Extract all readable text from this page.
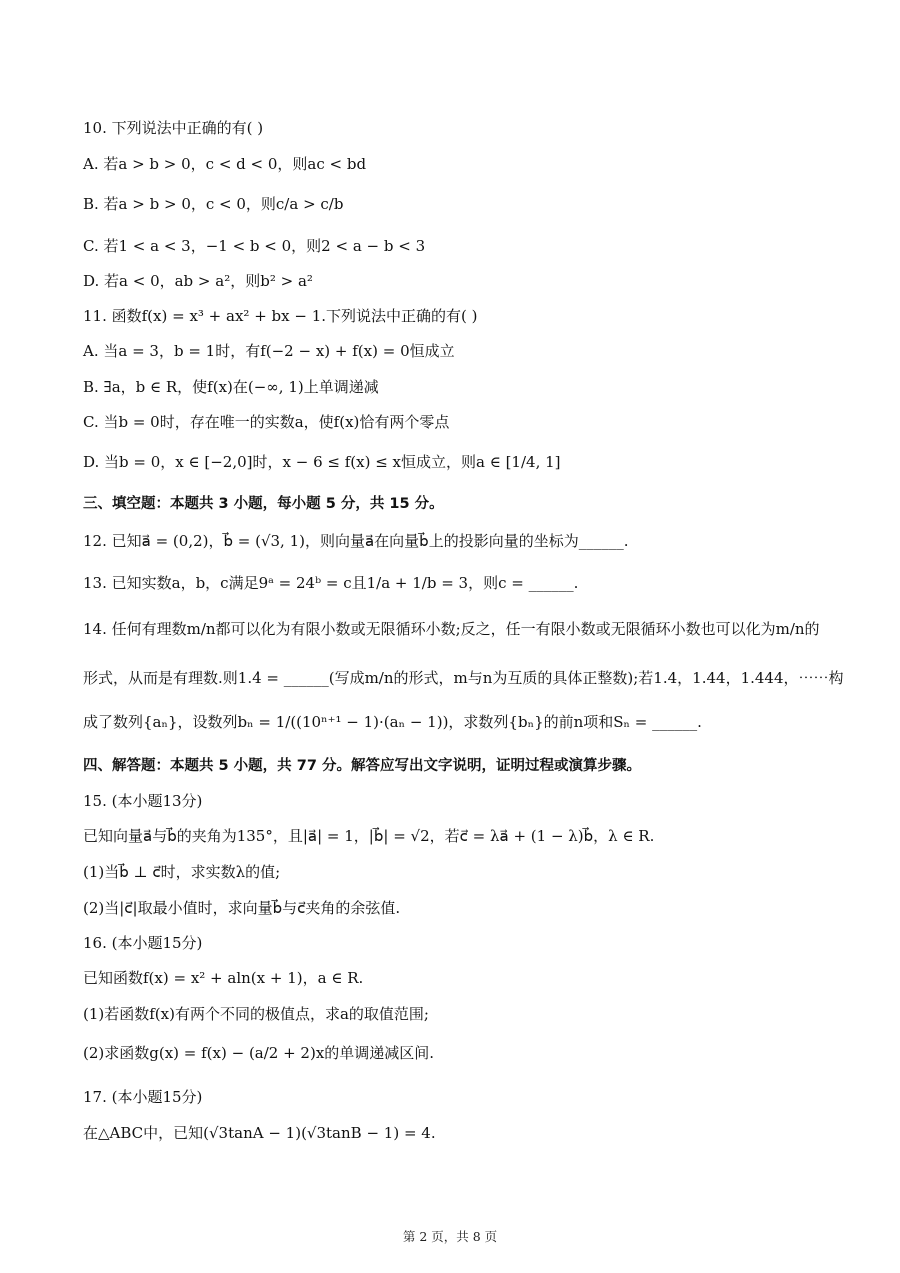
10. 下列说法中正确的有( )
A. 若a > b > 0，c < d < 0，则ac < bd
B. 若a > b > 0，c < 0，则c/a > c/b
C. 若1 < a < 3，−1 < b < 0，则2 < a − b < 3
D. 若a < 0，ab > a²，则b² > a²
11. 函数f(x) = x³ + ax² + bx − 1.下列说法中正确的有( )
A. 当a = 3，b = 1时，有f(−2 − x) + f(x) = 0恒成立
B. ∃a，b ∈ R，使f(x)在(−∞, 1)上单调递减
C. 当b = 0时，存在唯一的实数a，使f(x)恰有两个零点
D. 当b = 0，x ∈ [−2,0]时，x − 6 ≤ f(x) ≤ x恒成立，则a ∈ [1/4, 1]
三、填空题：本题共 3 小题，每小题 5 分，共 15 分。
12. 已知a⃗ = (0,2)，b⃗ = (√3, 1)，则向量a⃗在向量b⃗上的投影向量的坐标为______.
13. 已知实数a，b，c满足9ᵃ = 24ᵇ = c且1/a + 1/b = 3，则c = ______.
14. 任何有理数m/n都可以化为有限小数或无限循环小数;反之，任一有限小数或无限循环小数也可以化为m/n的
形式，从而是有理数.则1.4̇ = ______(写成m/n的形式，m与n为互质的具体正整数);若1.4，1.44，1.444，⋯⋯构
成了数列{aₙ}，设数列bₙ = 1/((10ⁿ⁺¹ − 1)·(aₙ − 1))，求数列{bₙ}的前n项和Sₙ = ______.
四、解答题：本题共 5 小题，共 77 分。解答应写出文字说明，证明过程或演算步骤。
15. (本小题13分)
已知向量a⃗与b⃗的夹角为135°，且|a⃗| = 1，|b⃗| = √2，若c⃗ = λa⃗ + (1 − λ)b⃗，λ ∈ R.
(1)当b⃗ ⊥ c⃗时，求实数λ的值;
(2)当|c⃗|取最小值时，求向量b⃗与c⃗夹角的余弦值.
16. (本小题15分)
已知函数f(x) = x² + aln(x + 1)，a ∈ R.
(1)若函数f(x)有两个不同的极值点，求a的取值范围;
(2)求函数g(x) = f(x) − (a/2 + 2)x的单调递减区间.
17. (本小题15分)
在△ABC中，已知(√3tanA − 1)(√3tanB − 1) = 4.
第 2 页，共 8 页
